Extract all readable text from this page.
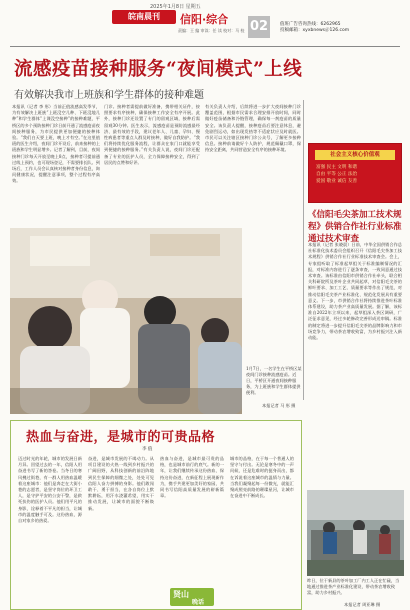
2025年1月8日 星期五
皖南晨刊	信阳·综合
责编：王 编 审读：任 读 校对：马 校 02	值班广告咨询热线：6262965
投稿邮箱：xyxbnews＠126.com
流感疫苗接种服务“夜间模式”上线
有效解决我市上班族和学生群体的接种难题
本报讯（记者 李 彤）当前正值流感高发季节，为有效解决上班族“上班没空儿种、下班没地儿种”和学生群体“上课没空接种”的接种难题，平桥区的多个预防接种门诊日前开通了流感疫苗夜间接种服务，为市民提供更加便捷的接种体验。“我们白天要上班，晚上才有空。”在这里值班的医生介绍，夜间门诊开设后，前来接种的上班族和学生明显增多。记者了解到，目前，夜间接种门诊每天开放至晚上8点，接种者可提前通过线上预约，也可现场登记，不需要排长队。到场后，工作人员会认真核对接种者身份信息，询问健康状况，提醒注意事项，整个过程有序高效。
门诊。接种者需提前做好准备，携带相关证件，按照要求有序接种，确保接种工作安全有序开展。此外，接种门诊还设置了专门的留观区域，接种后需留观30分钟。医生表示，流感疫苗是预防流感最经济、最有效的手段，建议老年人、儿童、孕妇、慢性病患者等重点人群及时接种，做好自我防护。“我们将持续优化服务流程，让群众在家门口就能享受到便捷的接种服务。”有关负责人说，夜间门诊还配备了专业的医护人员，全力保障接种安全，得到了居民的点赞和好评。
有关负责人介绍，后续将进一步扩大夜间接种门诊覆盖范围，根据市民需求合理安排开放时间，同时做好疫苗储备和冷链管理，确保每一剂疫苗的质量安全。该负责人提醒，接种疫苗后要注意休息，避免剧烈运动，如出现发热等不适症状应及时就医。市民可以关注辖区接种门诊公众号，了解更多接种信息。接种前请做好个人防护，规范佩戴口罩，保持安全距离，共同营造安全有序的接种环境。
1月7日，一名学生在平桥区某夜间门诊接种流感疫苗。近日，平桥区开通夜间接种服务，为上班族和学生群体提供便利。
本报记者 马 彤 摄
社会主义核心价值观
富强 民主 文明 和谐
自由 平等 公正 法治
爱国 敬业 诚信 友善
《信阳毛尖茶加工技术规程》供销合作社行业标准通过技术审查
本报讯（记者 张晓晨）日前，中华全国供销合作总社标准化技术委员会组织召开《信阳毛尖茶加工技术规程》供销合作社行业标准技术审查会。会上，专家组听取了标准起草组关于标准编制情况的汇报，对标准内容进行了逐条审查，一致同意通过技术审查。该标准由信阳市供销合作社牵头，联合相关科研院所及茶叶企业共同起草，对信阳毛尖茶的鲜叶要求、加工工艺、质量要求等作出了规范，对推动信阳毛尖茶产业标准化、规范化发展具有重要意义。下一步，市供销合作社将持续推进茶叶标准体系建设，助力茶产业高质量发展。据了解，该标准自2022年立项以来，起草组深入茶区调研，广泛征求意见，经过多轮修改完善形成送审稿。标准的制定将进一步提升信阳毛尖茶的品牌影响力和市场竞争力，带动茶农增收致富，为乡村振兴注入新动能。
热血与奋进，是城市的可贵品格
李 值
迈过时光的年轮，城市的发展日新月异。回望过去的一年，信阳人用奋进书写了新的答卷。当冬日的寒风拂过街巷，有一群人用热血温暖着这座城市：他们是奔走在大街小巷的志愿者，是坚守岗位的环卫工人，是守护平安的公安干警，是救死扶伤的医护人员。他们用平凡的身影，诠释着不平凡的担当，让城市的温度触手可及。这份热血，源自对家乡的热爱。
奋进，是城市发展的不竭动力。从项目建设的火热一线到乡村振兴的广阔田野，从科技创新的前沿阵地到民生保障的细微之处，处处可见信阳人奋力拼搏的身影。他们敢闯敢干、勇于担当，在各自岗位上默默耕耘，用汗水浇灌希望，用实干推动发展，让城市的面貌不断焕新。
热血与奋进，是城市最可贵的品格，也是城市前行的底气。新的一年，让我们继续传承这份热血、保持这份奋进，在新征程上展现新作为，携手共建更加美好的家园，共同书写信阳高质量发展的崭新篇章。
城市的品格，在于每一个普通人的坚守与付出。无论是寒冬中的一声问候，还是危难时的挺身而出，都在诉说着这座城市的温情与力量。当我们凝聚起每一份微光，就能汇聚成照亮前路的璀璨星河，让城市在奋进中不断成长。
贤山
晚话
昨日，位于新县的茶叶加工厂内工人正在忙碌，当地通过推进茶产业标准化建设，带动茶农增收致富，助力乡村振兴。
本报记者 周亚琳 摄
